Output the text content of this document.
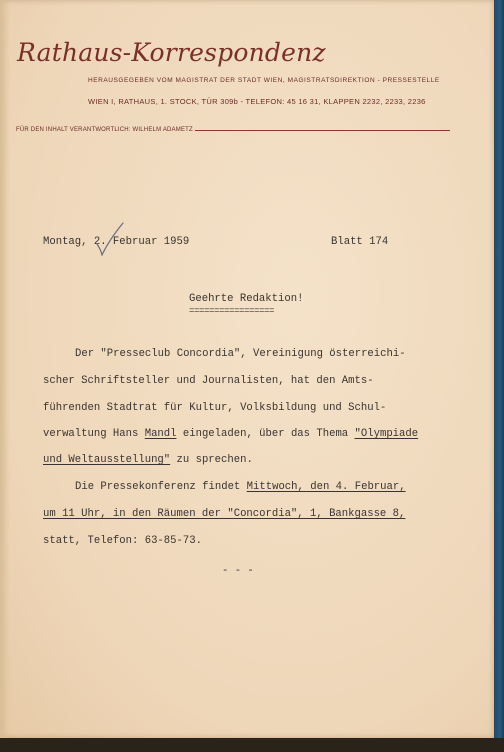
Rathaus-Korrespondenz
HERAUSGEGEBEN VOM MAGISTRAT DER STADT WIEN, MAGISTRATSDIREKTION - PRESSESTELLE
WIEN I, RATHAUS, 1. STOCK, TÜR 309b - TELEFON: 45 16 31, KLAPPEN 2232, 2233, 2236
FÜR DEN INHALT VERANTWORTLICH: WILHELM ADAMETZ
Montag, 2. Februar 1959	Blatt 174
Geehrte Redaktion!
=================
Der "Presseclub Concordia", Vereinigung österreichi-
scher Schriftsteller und Journalisten, hat den Amts-
führenden Stadtrat für Kultur, Volksbildung und Schul-
verwaltung Hans Mandl eingeladen, über das Thema "Olympiade
und Weltausstellung" zu sprechen.
Die Pressekonferenz findet Mittwoch, den 4. Februar,
um 11 Uhr, in den Räumen der "Concordia", 1, Bankgasse 8,
statt, Telefon: 63-85-73.
- - -
